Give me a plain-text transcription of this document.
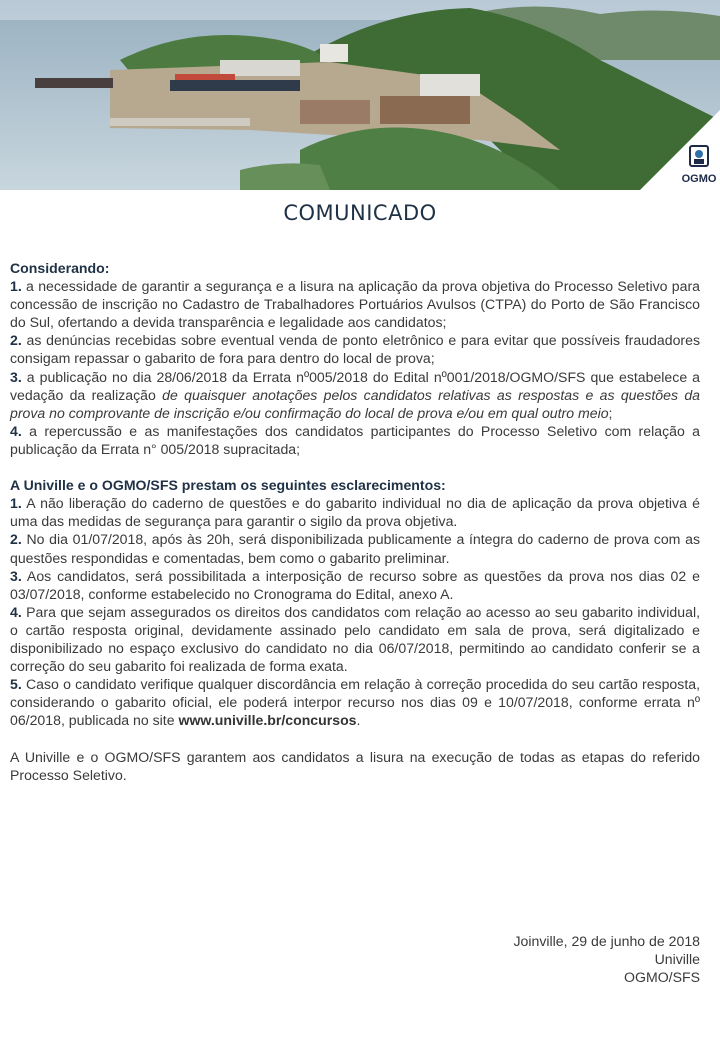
OGMO
COMUNICADO

Considerando:

1. a necessidade de garantir a segurança e a lisura na aplicação da prova objetiva do Processo Seletivo para concessão de inscrição no Cadastro de Trabalhadores Portuários Avulsos (CTPA) do Porto de São Francisco do Sul, ofertando a devida transparência e legalidade aos candidatos;

2. as denúncias recebidas sobre eventual venda de ponto eletrônico e para evitar que possíveis fraudadores consigam repassar o gabarito de fora para dentro do local de prova;

3. a publicação no dia 28/06/2018 da Errata nº005/2018 do Edital nº001/2018/OGMO/SFS que estabelece a vedação da realização de quaisquer anotações pelos candidatos relativas as respostas e as questões da prova no comprovante de inscrição e/ou confirmação do local de prova e/ou em qual outro meio;

4. a repercussão e as manifestações dos candidatos participantes do Processo Seletivo com relação a publicação da Errata n° 005/2018 supracitada;

A Univille e o OGMO/SFS prestam os seguintes esclarecimentos:

1. A não liberação do caderno de questões e do gabarito individual no dia de aplicação da prova objetiva é uma das medidas de segurança para garantir o sigilo da prova objetiva.

2. No dia 01/07/2018, após às 20h, será disponibilizada publicamente a íntegra do caderno de prova com as questões respondidas e comentadas, bem como o gabarito preliminar.

3. Aos candidatos, será possibilitada a interposição de recurso sobre as questões da prova nos dias 02 e 03/07/2018, conforme estabelecido no Cronograma do Edital, anexo A.

4. Para que sejam assegurados os direitos dos candidatos com relação ao acesso ao seu gabarito individual, o cartão resposta original, devidamente assinado pelo candidato em sala de prova, será digitalizado e disponibilizado no espaço exclusivo do candidato no dia 06/07/2018, permitindo ao candidato conferir se a correção do seu gabarito foi realizada de forma exata.

5. Caso o candidato verifique qualquer discordância em relação à correção procedida do seu cartão resposta, considerando o gabarito oficial, ele poderá interpor recurso nos dias 09 e 10/07/2018, conforme errata nº 06/2018, publicada no site www.univille.br/concursos.

A Univille e o OGMO/SFS garantem aos candidatos a lisura na execução de todas as etapas do referido Processo Seletivo.

Joinville, 29 de junho de 2018
Univille
OGMO/SFS
